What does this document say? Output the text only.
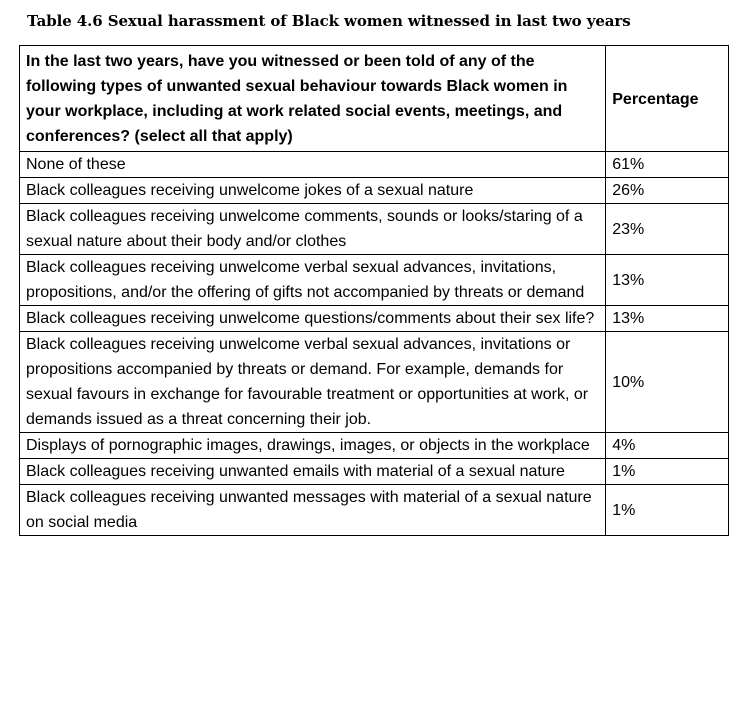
Table 4.6 Sexual harassment of Black women witnessed in last two years
In the last two years, have you witnessed or been told of any of the following types of unwanted sexual behaviour towards Black women in your workplace, including at work related social events, meetings, and conferences? (select all that apply)	Percentage
None of these	61%
Black colleagues receiving unwelcome jokes of a sexual nature	26%
Black colleagues receiving unwelcome comments, sounds or looks/staring of a sexual nature about their body and/or clothes	23%
Black colleagues receiving unwelcome verbal sexual advances, invitations, propositions, and/or the offering of gifts not accompanied by threats or demand	13%
Black colleagues receiving unwelcome questions/comments about their sex life?	13%
Black colleagues receiving unwelcome verbal sexual advances, invitations or propositions accompanied by threats or demand. For example, demands for sexual favours in exchange for favourable treatment or opportunities at work, or demands issued as a threat concerning their job.	10%
Displays of pornographic images, drawings, images, or objects in the workplace	4%
Black colleagues receiving unwanted emails with material of a sexual nature	1%
Black colleagues receiving unwanted messages with material of a sexual nature on social media	1%
